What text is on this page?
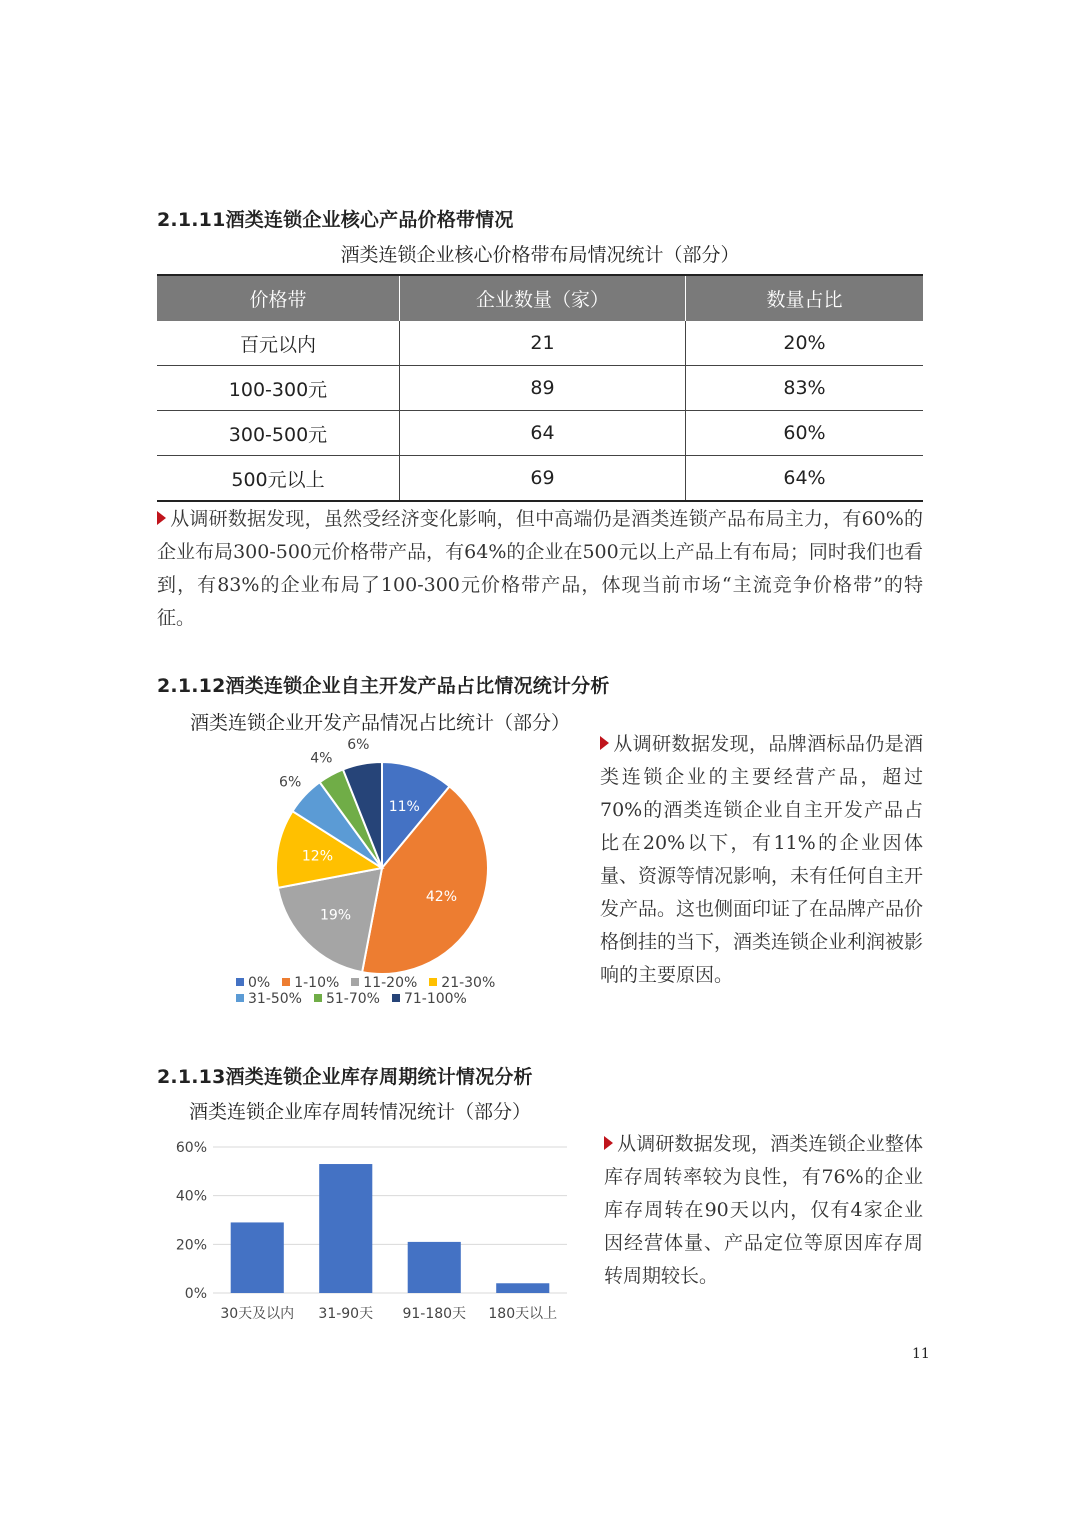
2.1.11酒类连锁企业核心产品价格带情况
酒类连锁企业核心价格带布局情况统计（部分）
价格带	企业数量（家）	数量占比
百元以内	21	20%
100-300元	89	83%
300-500元	64	60%
500元以上	69	64%
从调研数据发现，虽然受经济变化影响，但中高端仍是酒类连锁产品布局主力，有60%的企业布局300-500元价格带产品，有64%的企业在500元以上产品上有布局；同时我们也看到，有83%的企业布局了100-300元价格带产品，体现当前市场“主流竞争价格带”的特征。
2.1.12酒类连锁企业自主开发产品占比情况统计分析
酒类连锁企业开发产品情况占比统计（部分）
11%
42%
19%
12%
6%
4%
6%
0% 1-10% 11-20% 21-30%
31-50% 51-70% 71-100%
从调研数据发现，品牌酒标品仍是酒类连锁企业的主要经营产品，超过70%的酒类连锁企业自主开发产品占比在20%以下，有11%的企业因体量、资源等情况影响，未有任何自主开发产品。这也侧面印证了在品牌产品价格倒挂的当下，酒类连锁企业利润被影响的主要原因。
2.1.13酒类连锁企业库存周期统计情况分析
酒类连锁企业库存周转情况统计（部分）
0%
20%
40%
60%
30天及以内 31-90天 91-180天 180天以上
从调研数据发现，酒类连锁企业整体库存周转率较为良性，有76%的企业库存周转在90天以内，仅有4家企业因经营体量、产品定位等原因库存周转周期较长。
11
